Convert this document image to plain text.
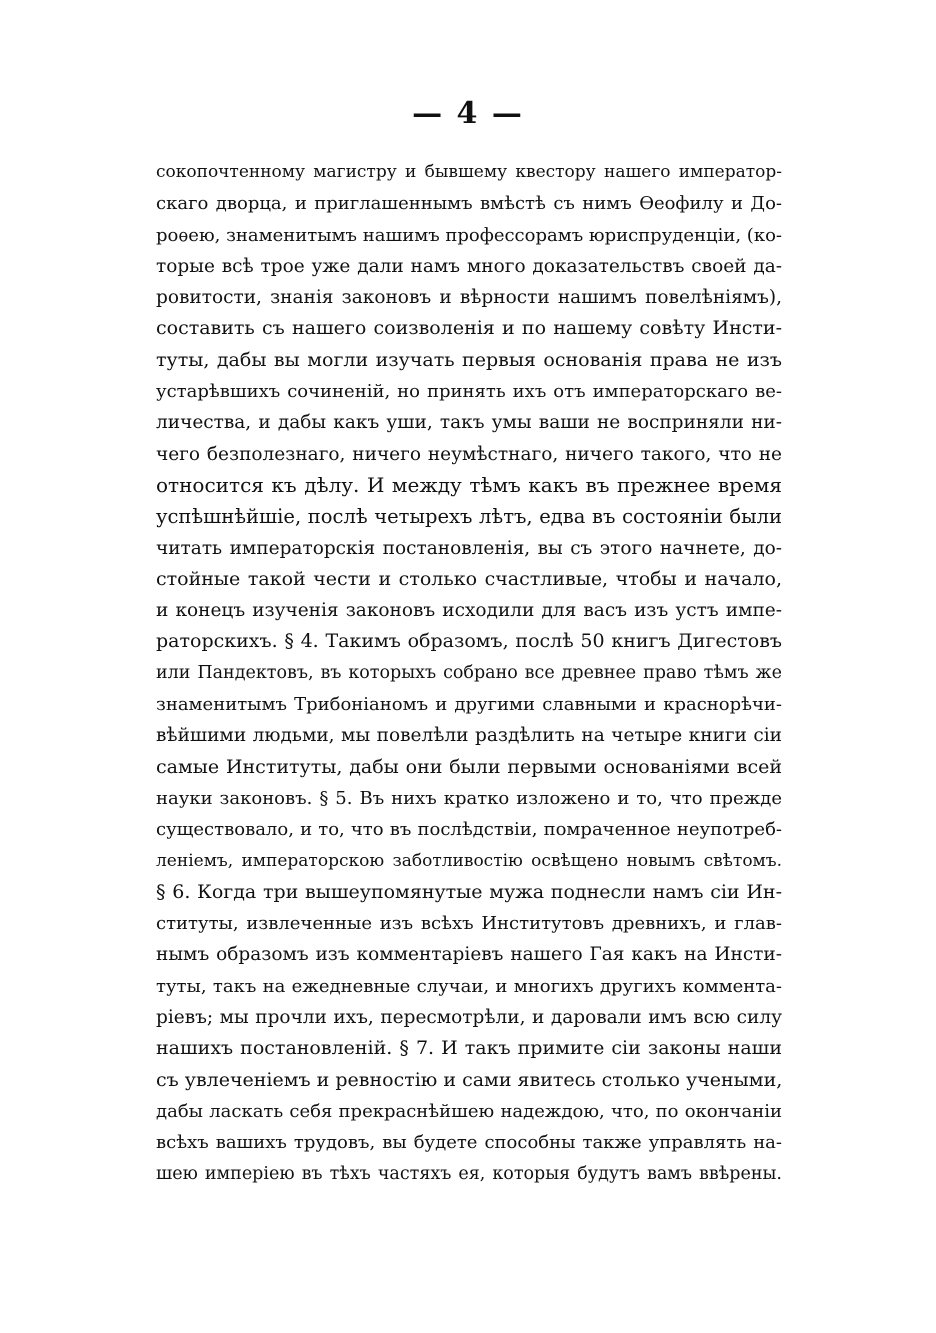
— 4 —
сокопочтенному магистру и бывшему квестору нашего император-
скаго дворца, и приглашеннымъ вмѣстѣ съ нимъ Ѳеофилу и До-
роѳею, знаменитымъ нашимъ профессорамъ юриспруденціи, (ко-
торые всѣ трое уже дали намъ много доказательствъ своей да-
ровитости, знанія законовъ и вѣрности нашимъ повелѣніямъ),
составить съ нашего соизволенія и по нашему совѣту Инсти-
туты, дабы вы могли изучать первыя основанія права не изъ
устарѣвшихъ сочиненій, но принять ихъ отъ императорскаго ве-
личества, и дабы какъ уши, такъ умы ваши не восприняли ни-
чего безполезнаго, ничего неумѣстнаго, ничего такого, что не
относится къ дѣлу. И между тѣмъ какъ въ прежнее время
успѣшнѣйшіе, послѣ четырехъ лѣтъ, едва въ состояніи были
читать императорскія постановленія, вы съ этого начнете, до-
стойные такой чести и столько счастливые, чтобы и начало,
и конецъ изученія законовъ исходили для васъ изъ устъ импе-
раторскихъ. § 4. Такимъ образомъ, послѣ 50 книгъ Дигестовъ
или Пандектовъ, въ которыхъ собрано все древнее право тѣмъ же
знаменитымъ Трибоніаномъ и другими славными и краснорѣчи-
вѣйшими людьми, мы повелѣли раздѣлить на четыре книги сіи
самые Институты, дабы они были первыми основаніями всей
науки законовъ. § 5. Въ нихъ кратко изложено и то, что прежде
существовало, и то, что въ послѣдствіи, помраченное неупотреб-
леніемъ, императорскою заботливостію освѣщено новымъ свѣтомъ.
§ 6. Когда три вышеупомянутые мужа поднесли намъ сіи Ин-
ституты, извлеченные изъ всѣхъ Институтовъ древнихъ, и глав-
нымъ образомъ изъ комментаріевъ нашего Гая какъ на Инсти-
туты, такъ на ежедневные случаи, и многихъ другихъ коммента-
ріевъ; мы прочли ихъ, пересмотрѣли, и даровали имъ всю силу
нашихъ постановленій. § 7. И такъ примите сіи законы наши
съ увлеченіемъ и ревностію и сами явитесь столько учеными,
дабы ласкать себя прекраснѣйшею надеждою, что, по окончаніи
всѣхъ вашихъ трудовъ, вы будете способны также управлять на-
шею имперіею въ тѣхъ частяхъ ея, которыя будутъ вамъ ввѣрены.
